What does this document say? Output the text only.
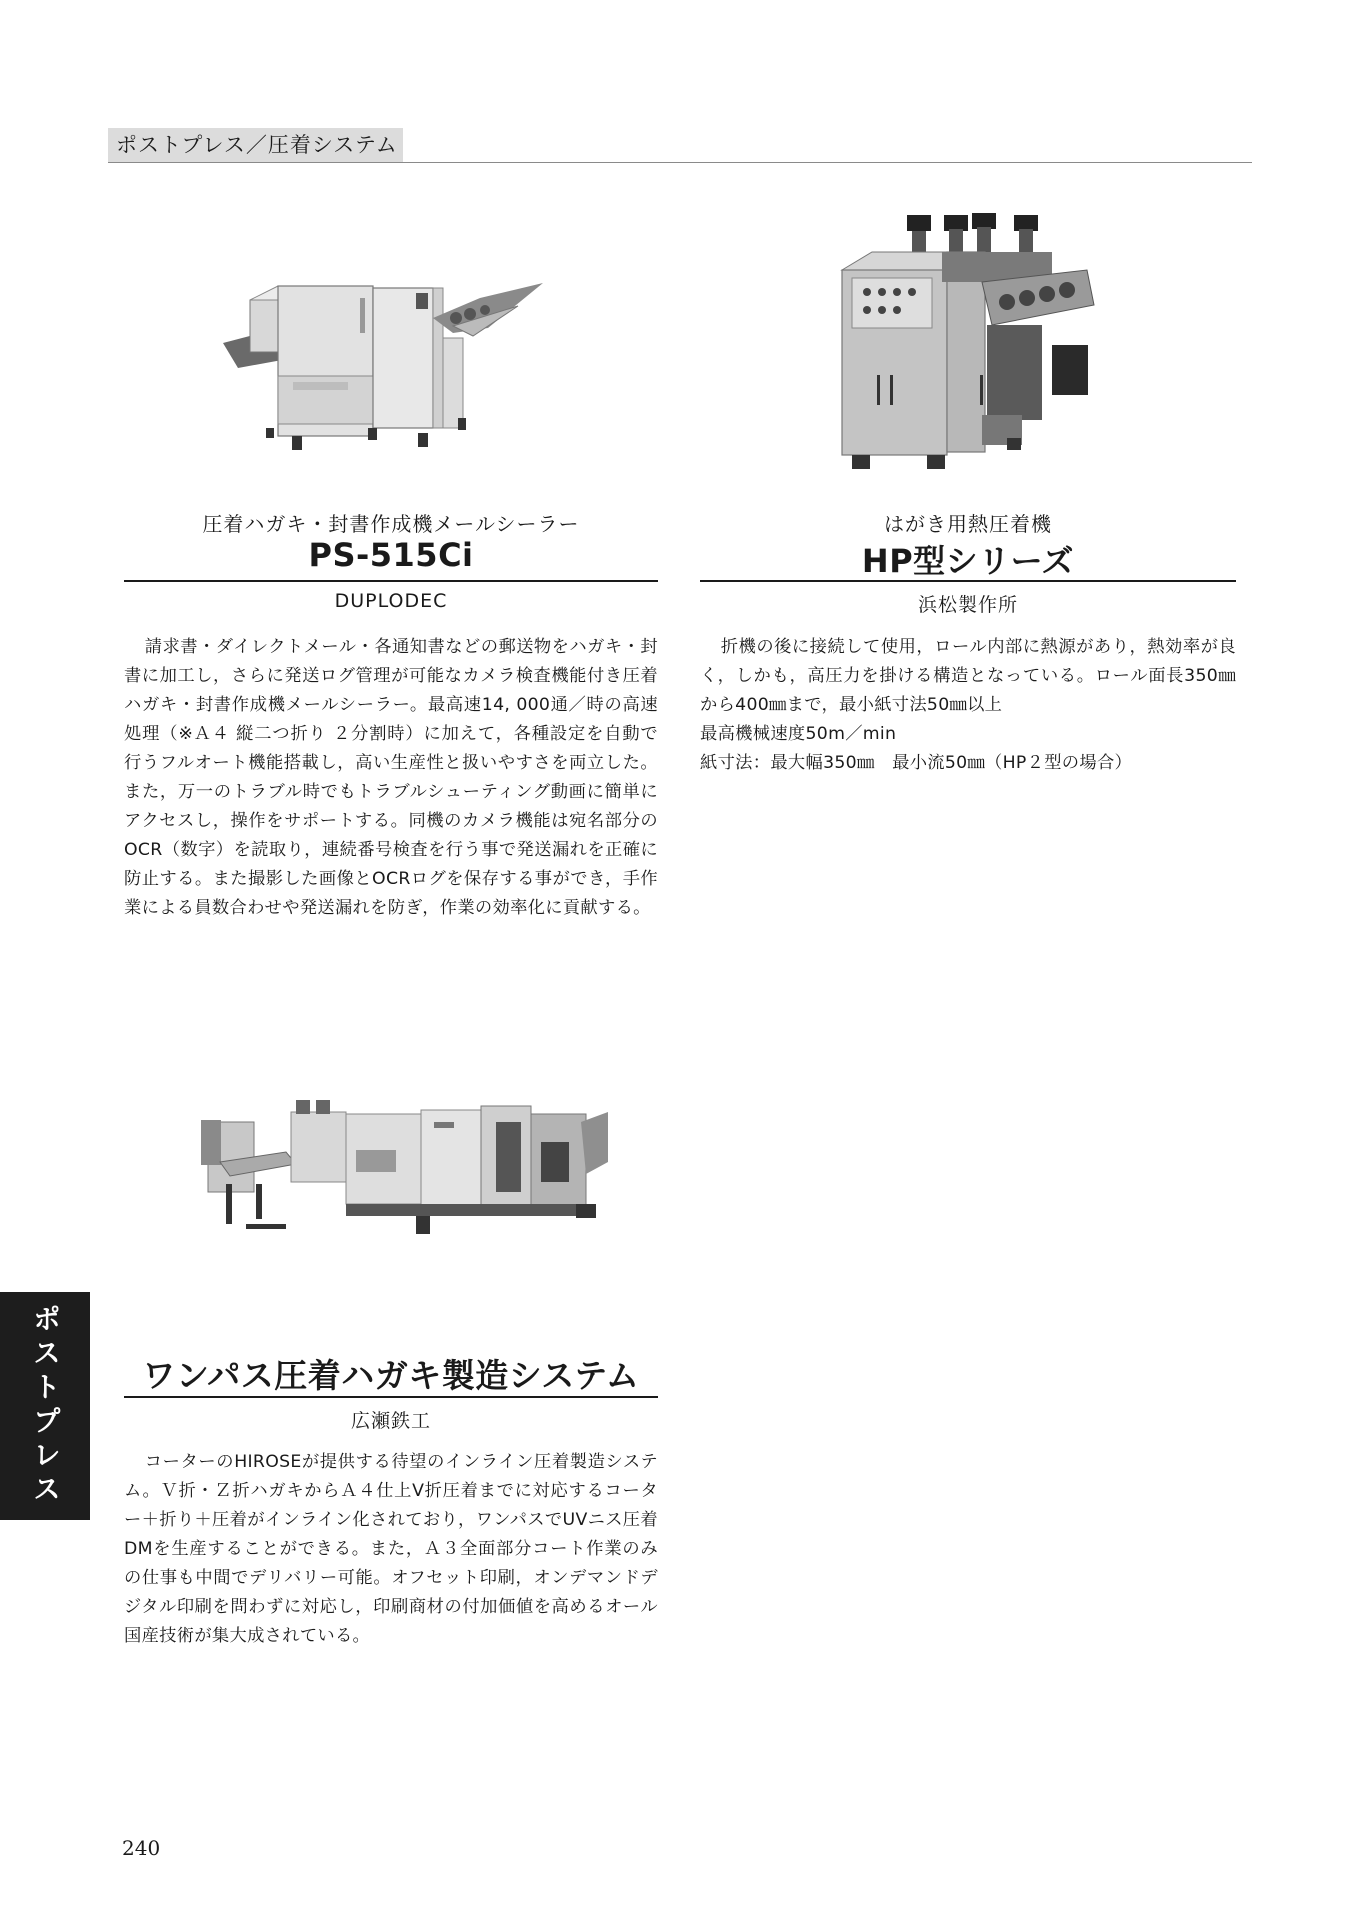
ポストプレス／圧着システム
圧着ハガキ・封書作成機メールシーラー
PS-515Ci
DUPLODEC

請求書・ダイレクトメール・各通知書などの郵送物をハガキ・封書に加工し，さらに発送ログ管理が可能なカメラ検査機能付き圧着ハガキ・封書作成機メールシーラー。最高速14, 000通／時の高速処理（※Ａ４ 縦二つ折り ２分割時）に加えて，各種設定を自動で行うフルオート機能搭載し，高い生産性と扱いやすさを両立した。また，万一のトラブル時でもトラブルシューティング動画に簡単にアクセスし，操作をサポートする。同機のカメラ機能は宛名部分のOCR（数字）を読取り，連続番号検査を行う事で発送漏れを正確に防止する。また撮影した画像とOCRログを保存する事ができ，手作業による員数合わせや発送漏れを防ぎ，作業の効率化に貢献する。

はがき用熱圧着機
HP型シリーズ
浜松製作所

折機の後に接続して使用，ロール内部に熱源があり，熱効率が良く，しかも，高圧力を掛ける構造となっている。ロール面長350㎜から400㎜まで，最小紙寸法50㎜以上

最高機械速度50m／min

紙寸法：最大幅350㎜　最小流50㎜（HP２型の場合）

ワンパス圧着ハガキ製造システム
広瀬鉄工

コーターのHIROSEが提供する待望のインライン圧着製造システム。Ｖ折・Ｚ折ハガキからＡ４仕上V折圧着までに対応するコーター＋折り＋圧着がインライン化されており，ワンパスでUVニス圧着DMを生産することができる。また，Ａ３全面部分コート作業のみの仕事も中間でデリバリー可能。オフセット印刷，オンデマンドデジタル印刷を問わずに対応し，印刷商材の付加価値を高めるオール国産技術が集大成されている。

ポストプレス
240
